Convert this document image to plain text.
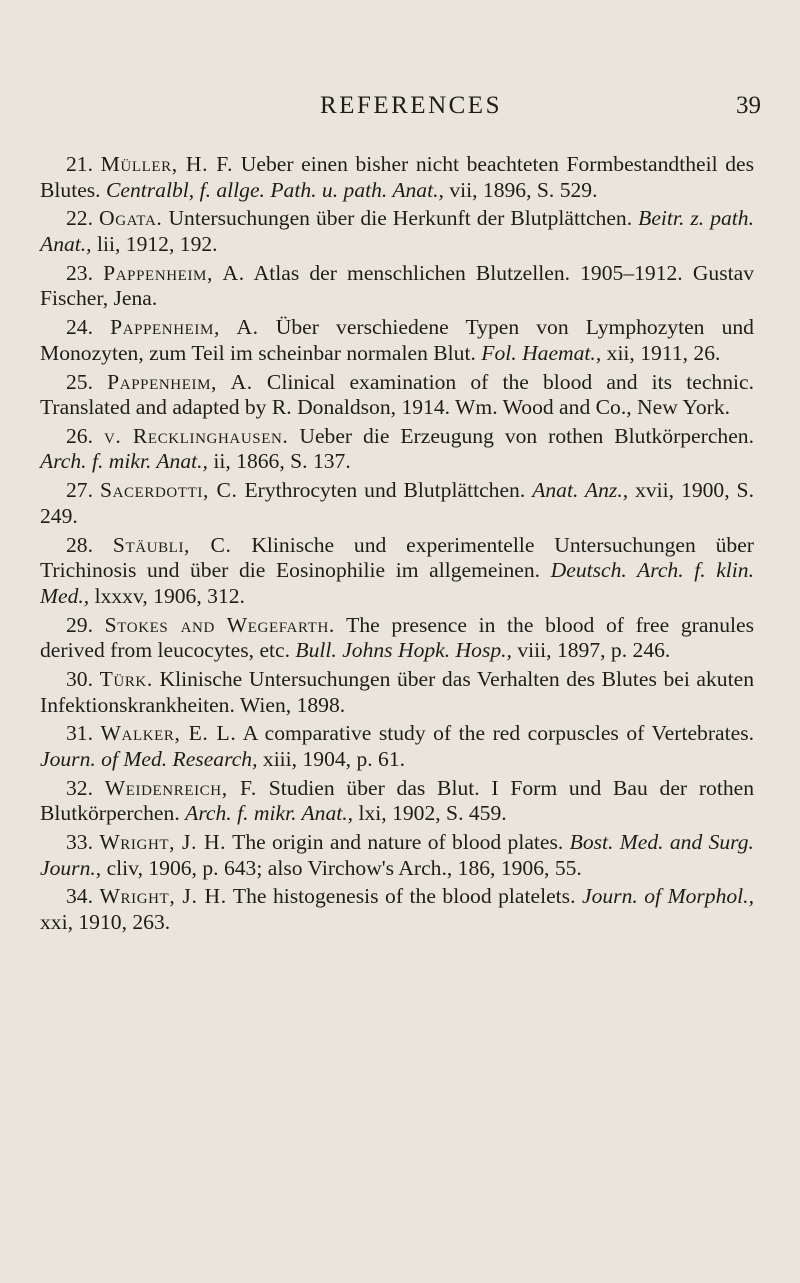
REFERENCES	39

21. Müller, H. F. Ueber einen bisher nicht beachteten Formbestandtheil des Blutes. Centralbl, f. allge. Path. u. path. Anat., vii, 1896, S. 529.

22. Ogata. Untersuchungen über die Herkunft der Blutplättchen. Beitr. z. path. Anat., lii, 1912, 192.

23. Pappenheim, A. Atlas der menschlichen Blutzellen. 1905–1912. Gustav Fischer, Jena.

24. Pappenheim, A. Über verschiedene Typen von Lymphozyten und Monozyten, zum Teil im scheinbar normalen Blut. Fol. Haemat., xii, 1911, 26.

25. Pappenheim, A. Clinical examination of the blood and its technic. Translated and adapted by R. Donaldson, 1914. Wm. Wood and Co., New York.

26. v. Recklinghausen. Ueber die Erzeugung von rothen Blutkörperchen. Arch. f. mikr. Anat., ii, 1866, S. 137.

27. Sacerdotti, C. Erythrocyten und Blutplättchen. Anat. Anz., xvii, 1900, S. 249.

28. Stäubli, C. Klinische und experimentelle Untersuchungen über Trichinosis und über die Eosinophilie im allgemeinen. Deutsch. Arch. f. klin. Med., lxxxv, 1906, 312.

29. Stokes and Wegefarth. The presence in the blood of free granules derived from leucocytes, etc. Bull. Johns Hopk. Hosp., viii, 1897, p. 246.

30. Türk. Klinische Untersuchungen über das Verhalten des Blutes bei akuten Infektionskrankheiten. Wien, 1898.

31. Walker, E. L. A comparative study of the red corpuscles of Vertebrates. Journ. of Med. Research, xiii, 1904, p. 61.

32. Weidenreich, F. Studien über das Blut. I Form und Bau der rothen Blutkörperchen. Arch. f. mikr. Anat., lxi, 1902, S. 459.

33. Wright, J. H. The origin and nature of blood plates. Bost. Med. and Surg. Journ., cliv, 1906, p. 643; also Virchow's Arch., 186, 1906, 55.

34. Wright, J. H. The histogenesis of the blood platelets. Journ. of Morphol., xxi, 1910, 263.
